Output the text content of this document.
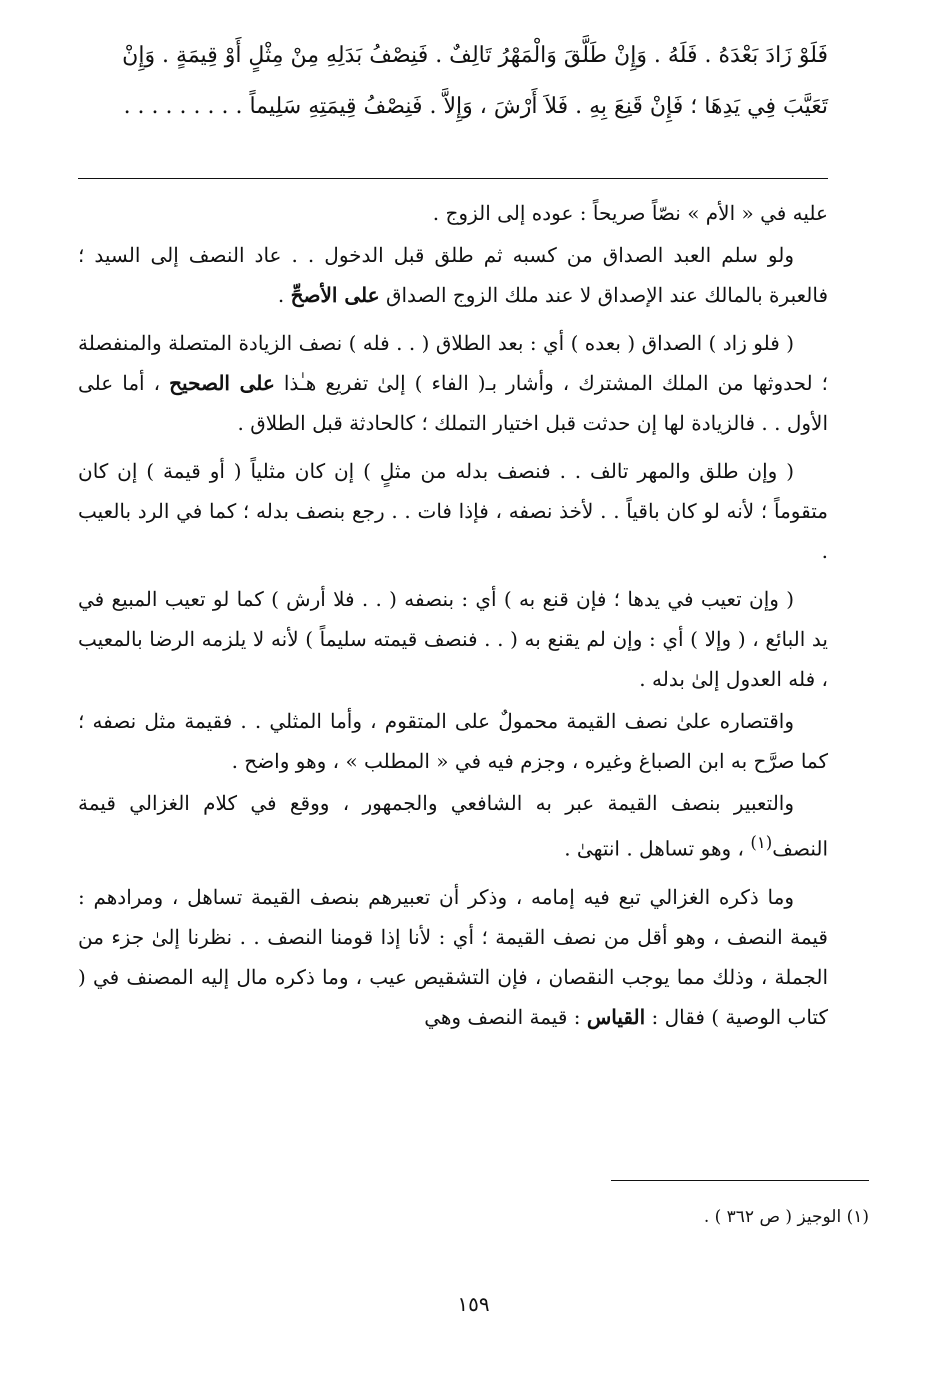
فَلَوْ زَادَ بَعْدَهُ . فَلَهُ . وَإِنْ طَلَّقَ وَالْمَهْرُ تَالِفٌ . فَنِصْفُ بَدَلِهِ مِنْ مِثْلٍ أَوْ قِيمَةٍ . وَإِنْ

تَعَيَّبَ فِي يَدِهَا ؛ فَإِنْ قَنِعَ بِهِ . فَلاَ أَرْشَ ، وَإِلاَّ . فَنِصْفُ قِيمَتِهِ سَلِيماً . . . . . . . . .

عليه في « الأم » نصّاً صريحاً : عوده إلى الزوج .

ولو سلم العبد الصداق من كسبه ثم طلق قبل الدخول . . عاد النصف إلى السيد ؛ فالعبرة بالمالك عند الإصداق لا عند ملك الزوج الصداق على الأصحِّ .

( فلو زاد ) الصداق ( بعده ) أي : بعد الطلاق ( . . فله ) نصف الزيادة المتصلة والمنفصلة ؛ لحدوثها من الملك المشترك ، وأشار بـ( الفاء ) إلىٰ تفريع هـٰذا على الصحيح ، أما على الأول . . فالزيادة لها إن حدثت قبل اختيار التملك ؛ كالحادثة قبل الطلاق .

( وإن طلق والمهر تالف . . فنصف بدله من مثلٍ ) إن كان مثلياً ( أو قيمة ) إن كان متقوماً ؛ لأنه لو كان باقياً . . لأخذ نصفه ، فإذا فات . . رجع بنصف بدله ؛ كما في الرد بالعيب .

( وإن تعيب في يدها ؛ فإن قنع به ) أي : بنصفه ( . . فلا أرش ) كما لو تعيب المبيع في يد البائع ، ( وإلا ) أي : وإن لم يقنع به ( . . فنصف قيمته سليماً ) لأنه لا يلزمه الرضا بالمعيب ، فله العدول إلىٰ بدله .

واقتصاره علىٰ نصف القيمة محمولٌ على المتقوم ، وأما المثلي . . فقيمة مثل نصفه ؛ كما صرَّح به ابن الصباغ وغيره ، وجزم فيه في « المطلب » ، وهو واضح .

والتعبير بنصف القيمة عبر به الشافعي والجمهور ، ووقع في كلام الغزالي قيمة النصف$^{(١)}$ ، وهو تساهل . انتهىٰ .

وما ذكره الغزالي تبع فيه إمامه ، وذكر أن تعبيرهم بنصف القيمة تساهل ، ومرادهم : قيمة النصف ، وهو أقل من نصف القيمة ؛ أي : لأنا إذا قومنا النصف . . نظرنا إلىٰ جزء من الجملة ، وذلك مما يوجب النقصان ، فإن التشقيص عيب ، وما ذكره مال إليه المصنف في ( كتاب الوصية ) فقال : القياس : قيمة النصف وهي

(١) الوجيز ( ص ٣٦٢ ) .
١٥٩
